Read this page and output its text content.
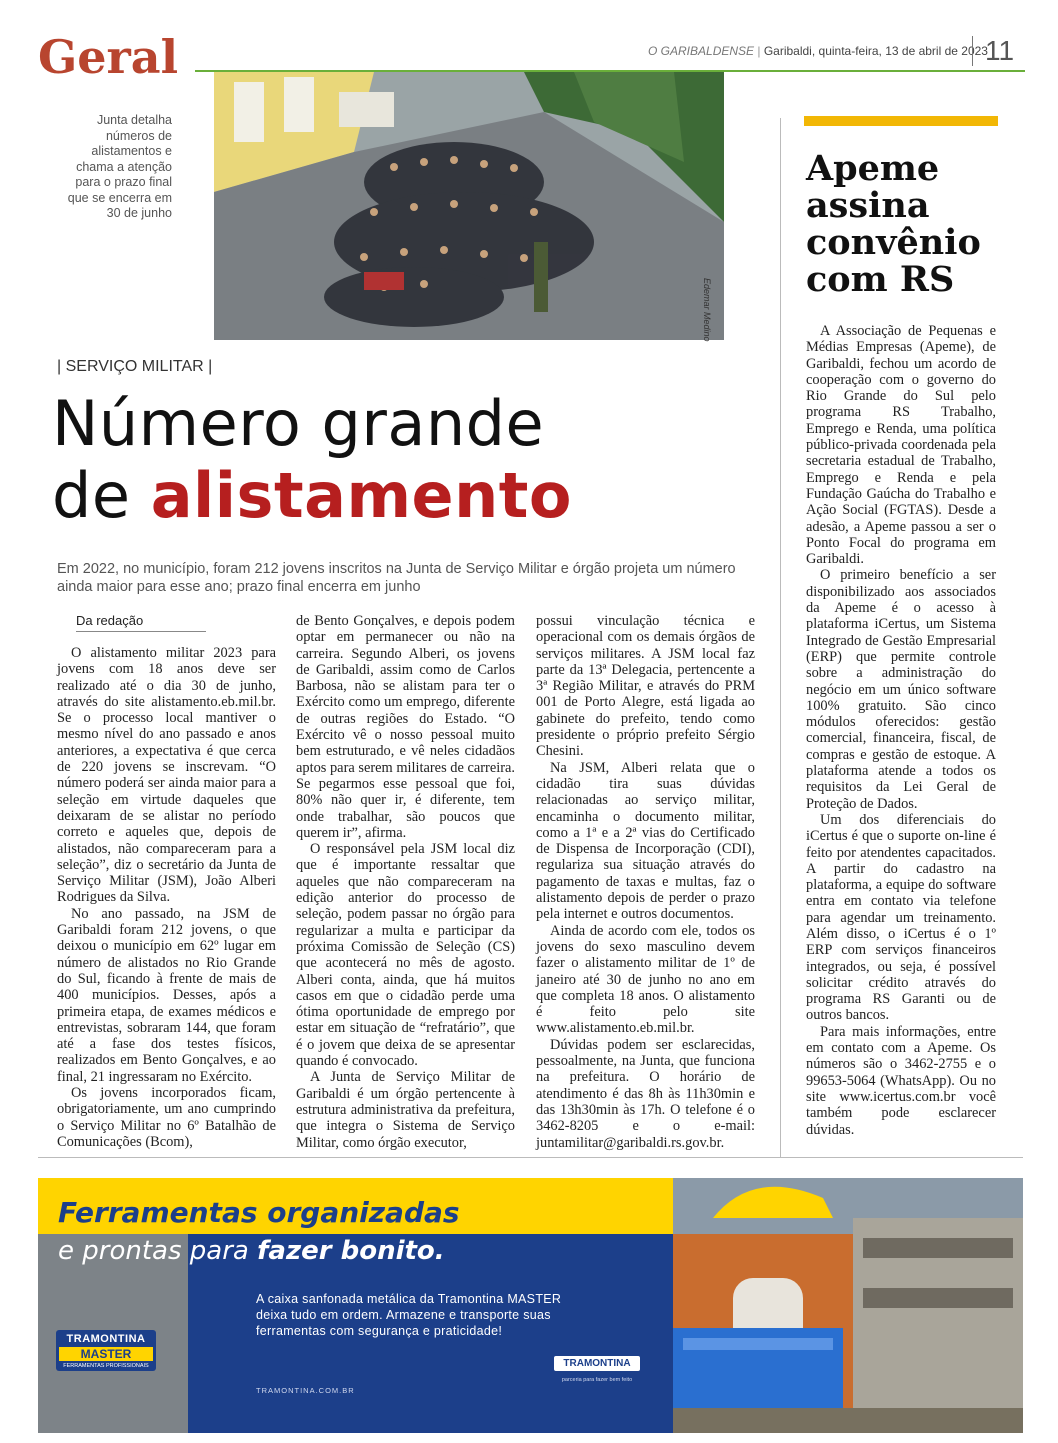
Geral	O GARIBALDENSE | Garibaldi, quinta-feira, 13 de abril de 2023
11
Junta detalha números de alistamentos e chama a atenção para o prazo final que se encerra em 30 de junho
Edemar Medino
| SERVIÇO MILITAR |
Número grande
de alistamento
Em 2022, no município, foram 212 jovens inscritos na Junta de Serviço Militar e órgão projeta um número ainda maior para esse ano; prazo final encerra em junho
Da redação

O alistamento militar 2023 para jovens com 18 anos deve ser realizado até o dia 30 de junho, através do site alistamento.eb.mil.br. Se o processo local mantiver o mesmo nível do ano passado e anos anteriores, a expectativa é que cerca de 220 jovens se inscrevam. “O número poderá ser ainda maior para a seleção em virtude daqueles que deixaram de se alistar no período correto e aqueles que, depois de alistados, não compareceram para a seleção”, diz o secretário da Junta de Serviço Militar (JSM), João Alberi Rodrigues da Silva.

No ano passado, na JSM de Garibaldi foram 212 jovens, o que deixou o município em 62º lugar em número de alistados no Rio Grande do Sul, ficando à frente de mais de 400 municípios. Desses, após a primeira etapa, de exames médicos e entrevistas, sobraram 144, que foram até a fase dos testes físicos, realizados em Bento Gonçalves, e ao final, 21 ingressaram no Exército.

Os jovens incorporados ficam, obrigatoriamente, um ano cumprindo o Serviço Militar no 6º Batalhão de Comunicações (Bcom),

de Bento Gonçalves, e depois podem optar em permanecer ou não na carreira. Segundo Alberi, os jovens de Garibaldi, assim como de Carlos Barbosa, não se alistam para ter o Exército como um emprego, diferente de outras regiões do Estado. “O Exército vê o nosso pessoal muito bem estruturado, e vê neles cidadãos aptos para serem militares de carreira. Se pegarmos esse pessoal que foi, 80% não quer ir, é diferente, tem onde trabalhar, são poucos que querem ir”, afirma.

O responsável pela JSM local diz que é importante ressaltar que aqueles que não compareceram na edição anterior do processo de seleção, podem passar no órgão para regularizar a multa e participar da próxima Comissão de Seleção (CS) que acontecerá no mês de agosto. Alberi conta, ainda, que há muitos casos em que o cidadão perde uma ótima oportunidade de emprego por estar em situação de “refratário”, que é o jovem que deixa de se apresentar quando é convocado.

A Junta de Serviço Militar de Garibaldi é um órgão pertencente à estrutura administrativa da prefeitura, que integra o Sistema de Serviço Militar, como órgão executor,

possui vinculação técnica e operacional com os demais órgãos de serviços militares. A JSM local faz parte da 13ª Delegacia, pertencente a 3ª Região Militar, e através do PRM 001 de Porto Alegre, está ligada ao gabinete do prefeito, tendo como presidente o próprio prefeito Sérgio Chesini.

Na JSM, Alberi relata que o cidadão tira suas dúvidas relacionadas ao serviço militar, encaminha o documento militar, como a 1ª e a 2ª vias do Certificado de Dispensa de Incorporação (CDI), regulariza sua situação através do pagamento de taxas e multas, faz o alistamento depois de perder o prazo pela internet e outros documentos.

Ainda de acordo com ele, todos os jovens do sexo masculino devem fazer o alistamento militar de 1º de janeiro até 30 de junho no ano em que completa 18 anos. O alistamento é feito pelo site www.alistamento.eb.mil.br.

Dúvidas podem ser esclarecidas, pessoalmente, na Junta, que funciona na prefeitura. O horário de atendimento é das 8h às 11h30min e das 13h30min às 17h. O telefone é o 3462-8205 e o e-mail: juntamilitar@garibaldi.rs.gov.br.

Apeme assina convênio com RS

A Associação de Pequenas e Médias Empresas (Apeme), de Garibaldi, fechou um acordo de cooperação com o governo do Rio Grande do Sul pelo programa RS Trabalho, Emprego e Renda, uma política público-privada coordenada pela secretaria estadual de Trabalho, Emprego e Renda e pela Fundação Gaúcha do Trabalho e Ação Social (FGTAS). Desde a adesão, a Apeme passou a ser o Ponto Focal do programa em Garibaldi.

O primeiro benefício a ser disponibilizado aos associados da Apeme é o acesso à plataforma iCertus, um Sistema Integrado de Gestão Empresarial (ERP) que permite controle sobre a administração do negócio em um único software 100% gratuito. São cinco módulos oferecidos: gestão comercial, financeira, fiscal, de compras e gestão de estoque. A plataforma atende a todos os requisitos da Lei Geral de Proteção de Dados.

Um dos diferenciais do iCertus é que o suporte on-line é feito por atendentes capacitados. A partir do cadastro na plataforma, a equipe do software entra em contato via telefone para agendar um treinamento. Além disso, o iCertus é o 1º ERP com serviços financeiros integrados, ou seja, é possível solicitar crédito através do programa RS Garanti ou de outros bancos.

Para mais informações, entre em contato com a Apeme. Os números são o 3462-2755 e o 99653-5064 (WhatsApp). Ou no site www.icertus.com.br você também pode esclarecer dúvidas.

Ferramentas organizadas
e prontas para fazer bonito.
A caixa sanfonada metálica da Tramontina MASTER deixa tudo em ordem. Armazene e transporte suas ferramentas com segurança e praticidade!
TRAMONTINA.COM.BR
TRAMONTINA
MASTER
FERRAMENTAS PROFISSIONAIS	TRAMONTINA
parceria para fazer bem feito
